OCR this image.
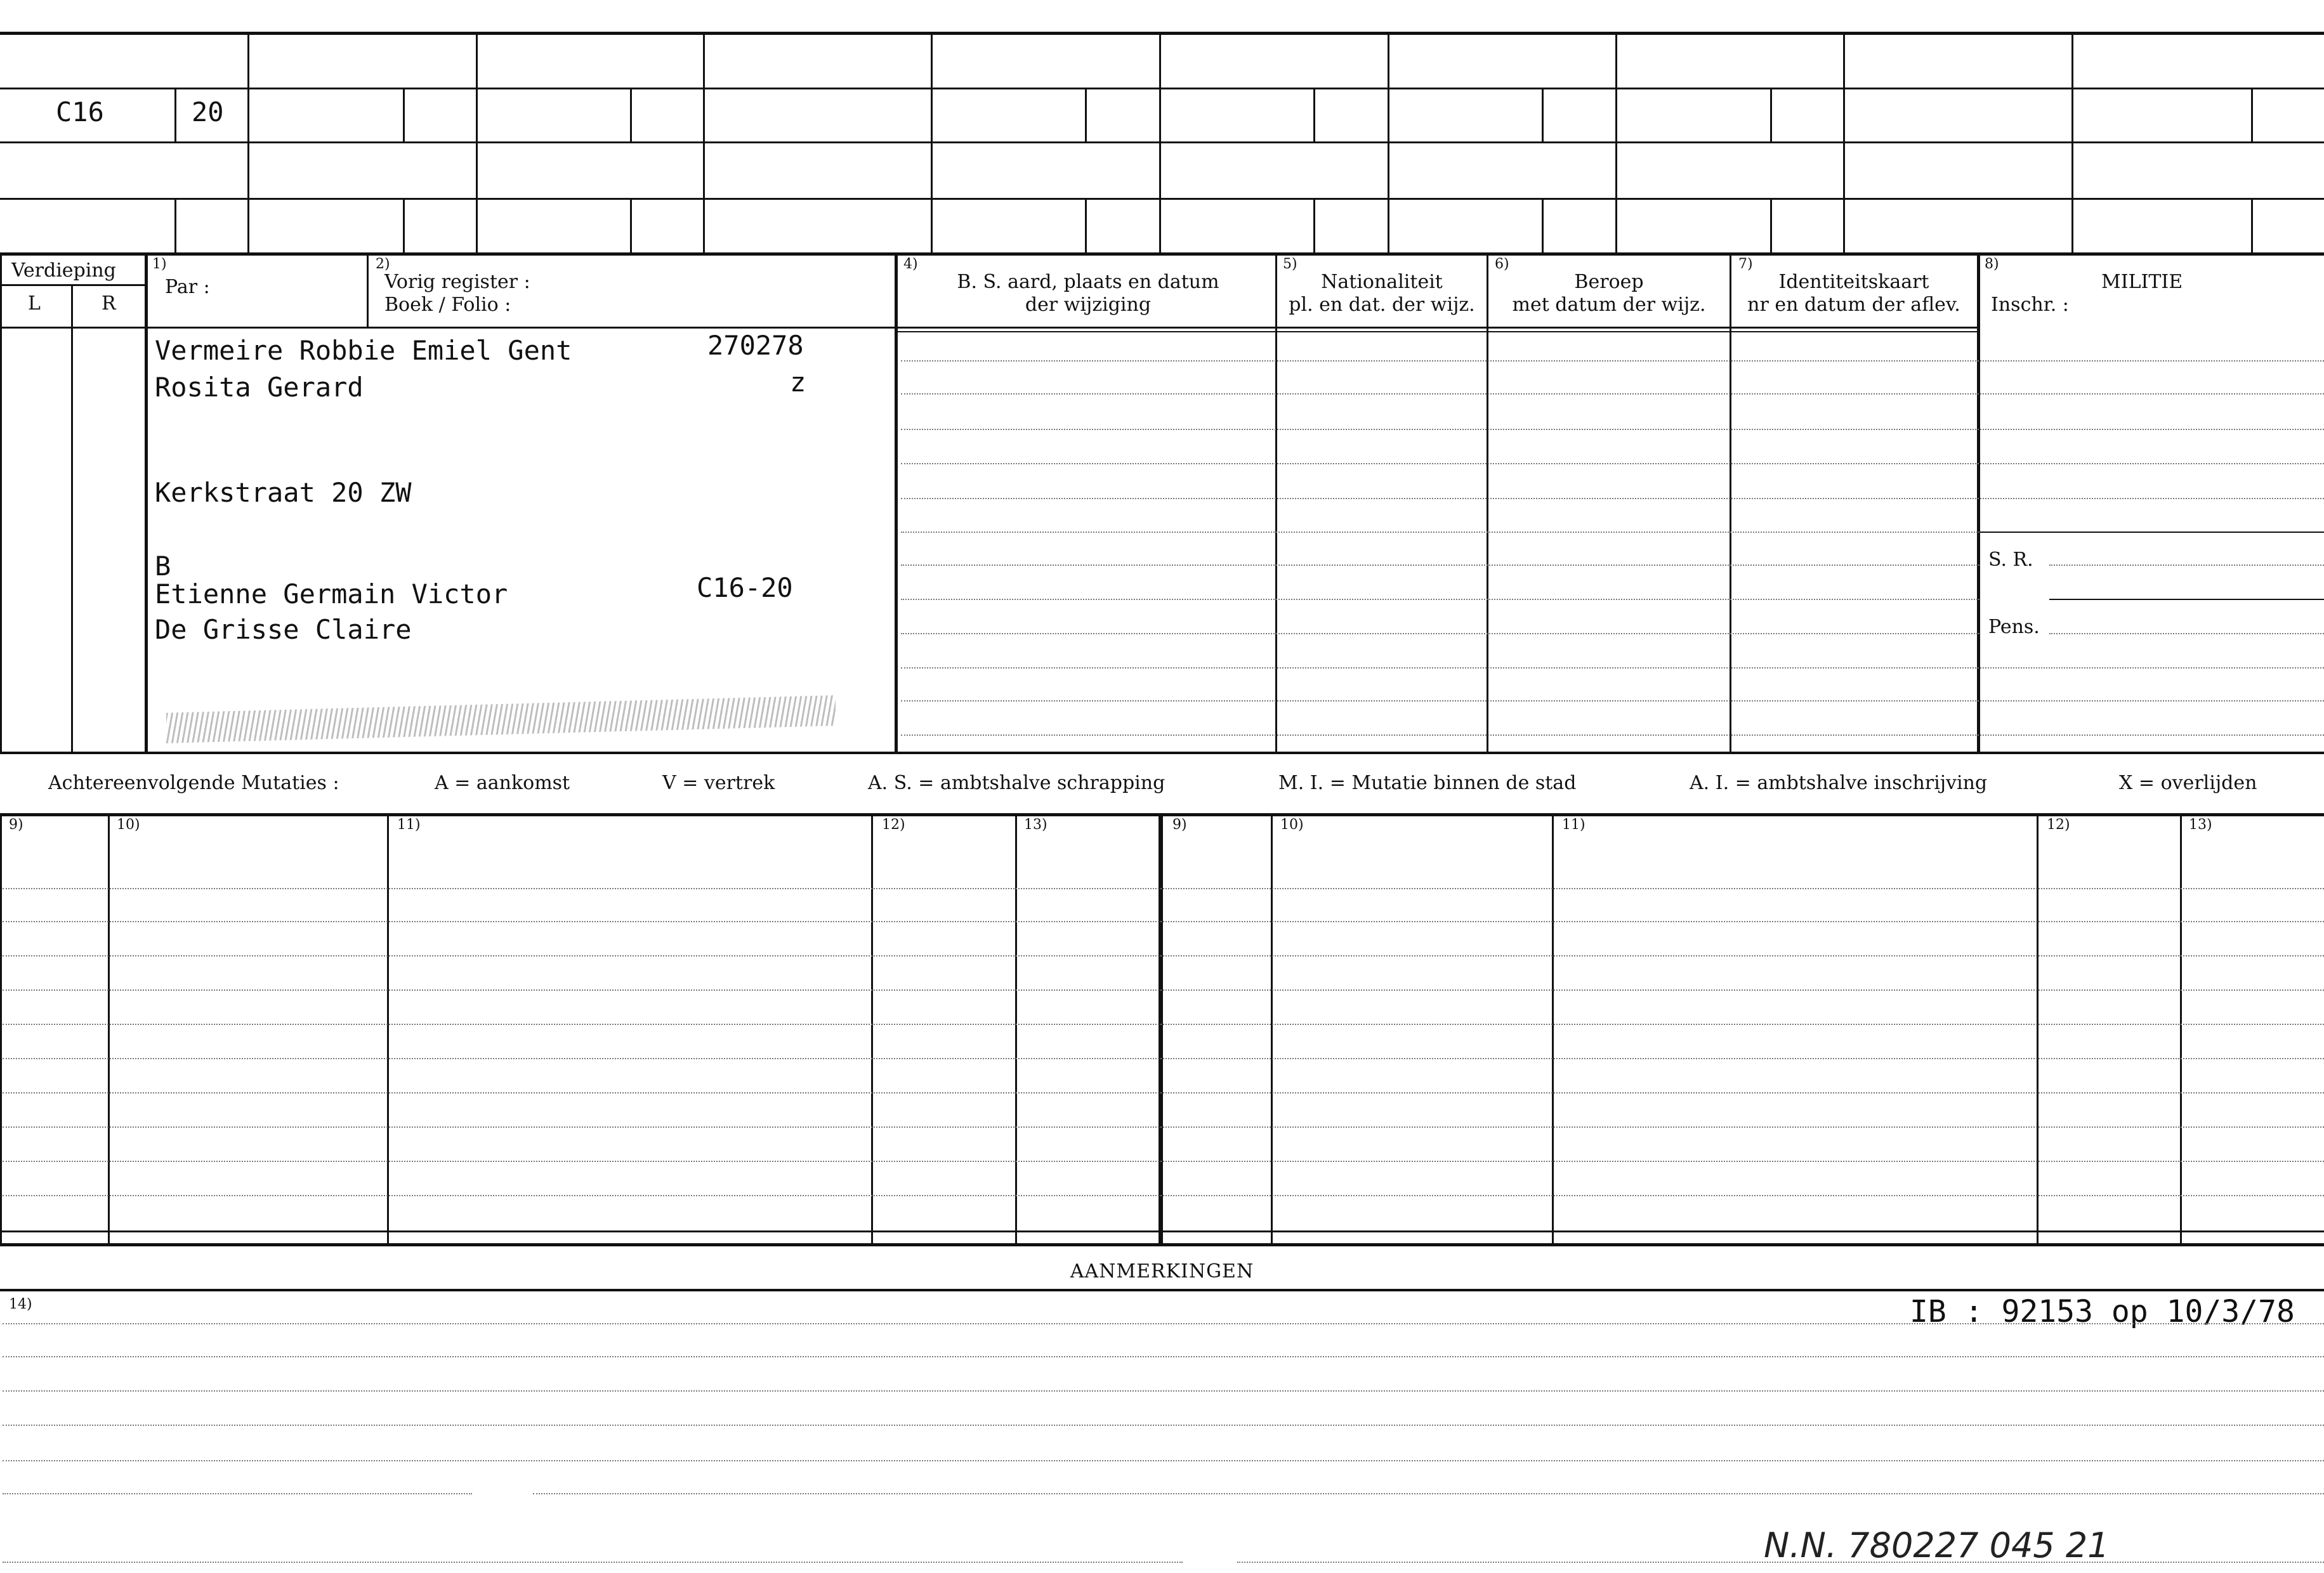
C16	20
Verdieping
L	R
1)
Par :
2)
Vorig register :
Boek / Folio :
4)
B. S. aard, plaats en datum
der wijziging
5)
Nationaliteit
pl. en dat. der wijz.
6)
Beroep
met datum der wijz.
7)
Identiteitskaart
nr en datum der aflev.
8)
MILITIE
Inschr. :
S. R.
Pens.
Vermeire Robbie Emiel Gent	270278
z
Rosita Gerard
Kerkstraat 20 ZW
B
Etienne Germain Victor	C16-20
De Grisse Claire
Achtereenvolgende Mutaties :	A = aankomst	V = vertrek	A. S. = ambtshalve schrapping	M. I. = Mutatie binnen de stad	A. I. = ambtshalve inschrijving	X = overlijden
9)	10)	11)	12)	13)	9)	10)	11)	12)	13)
AANMERKINGEN
14)	IB : 92153 op 10/3/78
N.N. 780227 045 21
